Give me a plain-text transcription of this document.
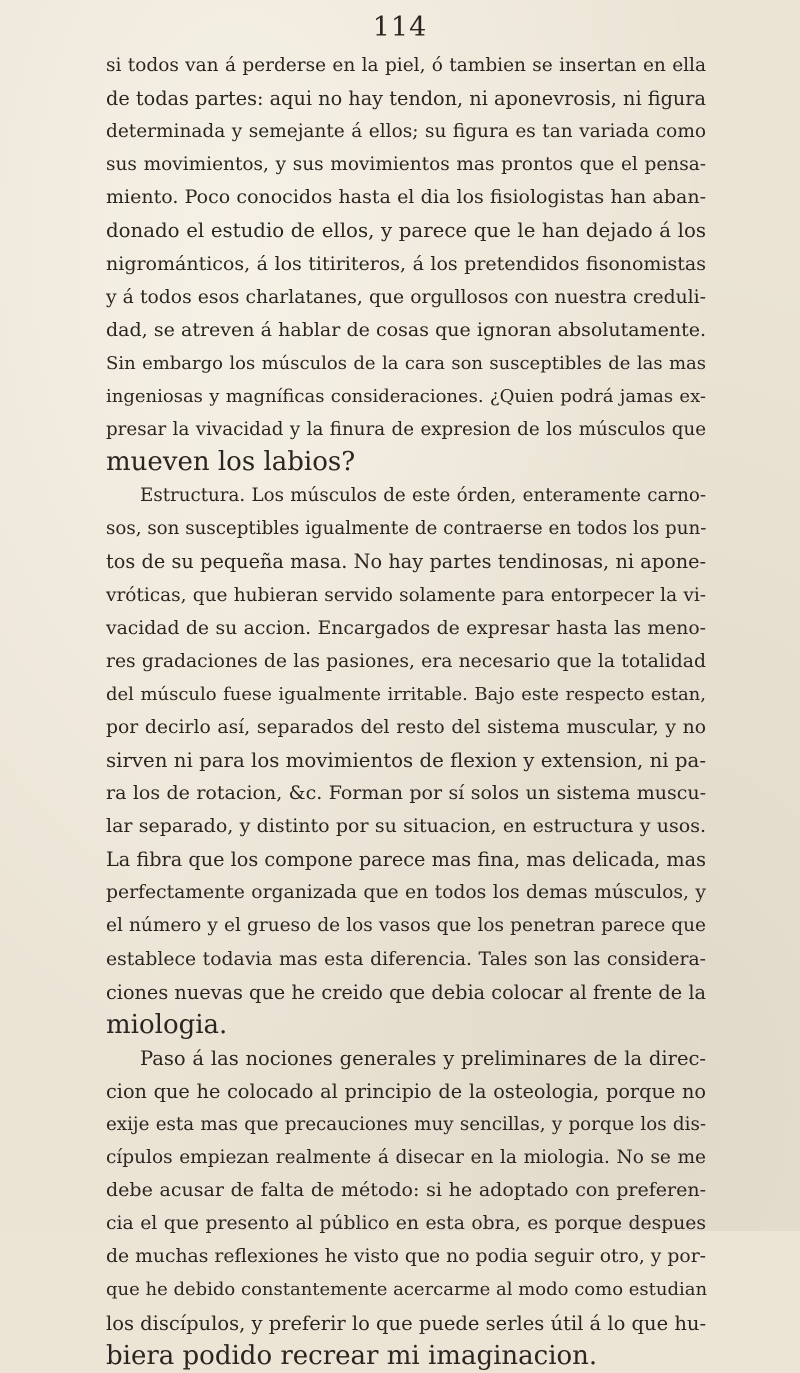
114
si todos van á perderse en la piel, ó tambien se insertan en ella
de todas partes: aqui no hay tendon, ni aponevrosis, ni figura
determinada y semejante á ellos; su figura es tan variada como
sus movimientos, y sus movimientos mas prontos que el pensa-
miento. Poco conocidos hasta el dia los fisiologistas han aban-
donado el estudio de ellos, y parece que le han dejado á los
nigrománticos, á los titiriteros, á los pretendidos fisonomistas
y á todos esos charlatanes, que orgullosos con nuestra creduli-
dad, se atreven á hablar de cosas que ignoran absolutamente.
Sin embargo los músculos de la cara son susceptibles de las mas
ingeniosas y magníficas consideraciones. ¿Quien podrá jamas ex-
presar la vivacidad y la finura de expresion de los músculos que
mueven los labios?
Estructura. Los músculos de este órden, enteramente carno-
sos, son susceptibles igualmente de contraerse en todos los pun-
tos de su pequeña masa. No hay partes tendinosas, ni apone-
vróticas, que hubieran servido solamente para entorpecer la vi-
vacidad de su accion. Encargados de expresar hasta las meno-
res gradaciones de las pasiones, era necesario que la totalidad
del músculo fuese igualmente irritable. Bajo este respecto estan,
por decirlo así, separados del resto del sistema muscular, y no
sirven ni para los movimientos de flexion y extension, ni pa-
ra los de rotacion, &c. Forman por sí solos un sistema muscu-
lar separado, y distinto por su situacion, en estructura y usos.
La fibra que los compone parece mas fina, mas delicada, mas
perfectamente organizada que en todos los demas músculos, y
el número y el grueso de los vasos que los penetran parece que
establece todavia mas esta diferencia. Tales son las considera-
ciones nuevas que he creido que debia colocar al frente de la
miologia.
Paso á las nociones generales y preliminares de la direc-
cion que he colocado al principio de la osteologia, porque no
exije esta mas que precauciones muy sencillas, y porque los dis-
cípulos empiezan realmente á disecar en la miologia. No se me
debe acusar de falta de método: si he adoptado con preferen-
cia el que presento al público en esta obra, es porque despues
de muchas reflexiones he visto que no podia seguir otro, y por-
que he debido constantemente acercarme al modo como estudian
los discípulos, y preferir lo que puede serles útil á lo que hu-
biera podido recrear mi imaginacion.
